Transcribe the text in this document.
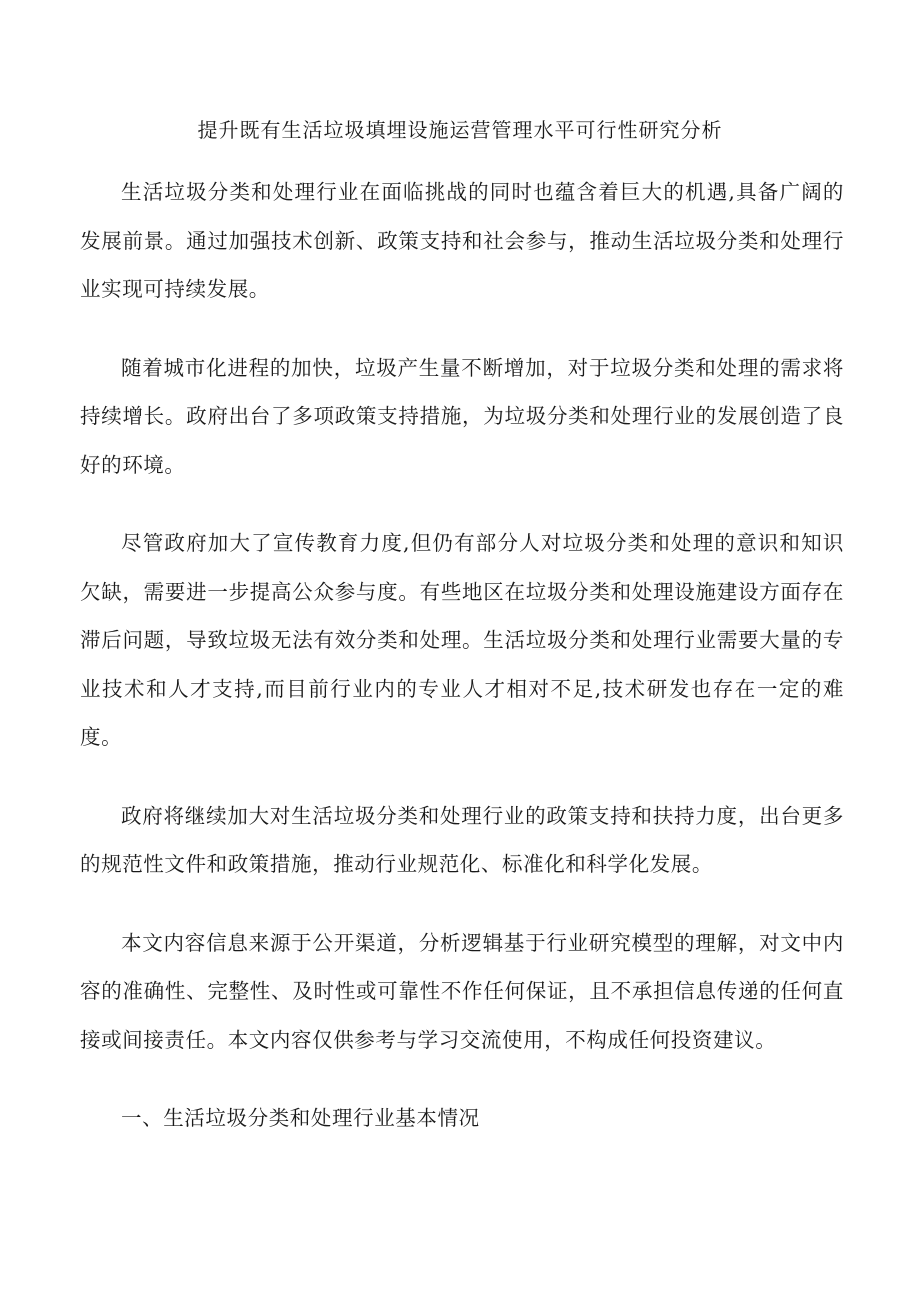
提升既有生活垃圾填埋设施运营管理水平可行性研究分析

生活垃圾分类和处理行业在面临挑战的同时也蕴含着巨大的机遇,具备广阔的发展前景。通过加强技术创新、政策支持和社会参与，推动生活垃圾分类和处理行业实现可持续发展。

随着城市化进程的加快，垃圾产生量不断增加，对于垃圾分类和处理的需求将持续增长。政府出台了多项政策支持措施，为垃圾分类和处理行业的发展创造了良好的环境。

尽管政府加大了宣传教育力度,但仍有部分人对垃圾分类和处理的意识和知识欠缺，需要进一步提高公众参与度。有些地区在垃圾分类和处理设施建设方面存在滞后问题，导致垃圾无法有效分类和处理。生活垃圾分类和处理行业需要大量的专业技术和人才支持,而目前行业内的专业人才相对不足,技术研发也存在一定的难度。

政府将继续加大对生活垃圾分类和处理行业的政策支持和扶持力度，出台更多的规范性文件和政策措施，推动行业规范化、标准化和科学化发展。

本文内容信息来源于公开渠道，分析逻辑基于行业研究模型的理解，对文中内容的准确性、完整性、及时性或可靠性不作任何保证，且不承担信息传递的任何直接或间接责任。本文内容仅供参考与学习交流使用，不构成任何投资建议。

一、生活垃圾分类和处理行业基本情况
